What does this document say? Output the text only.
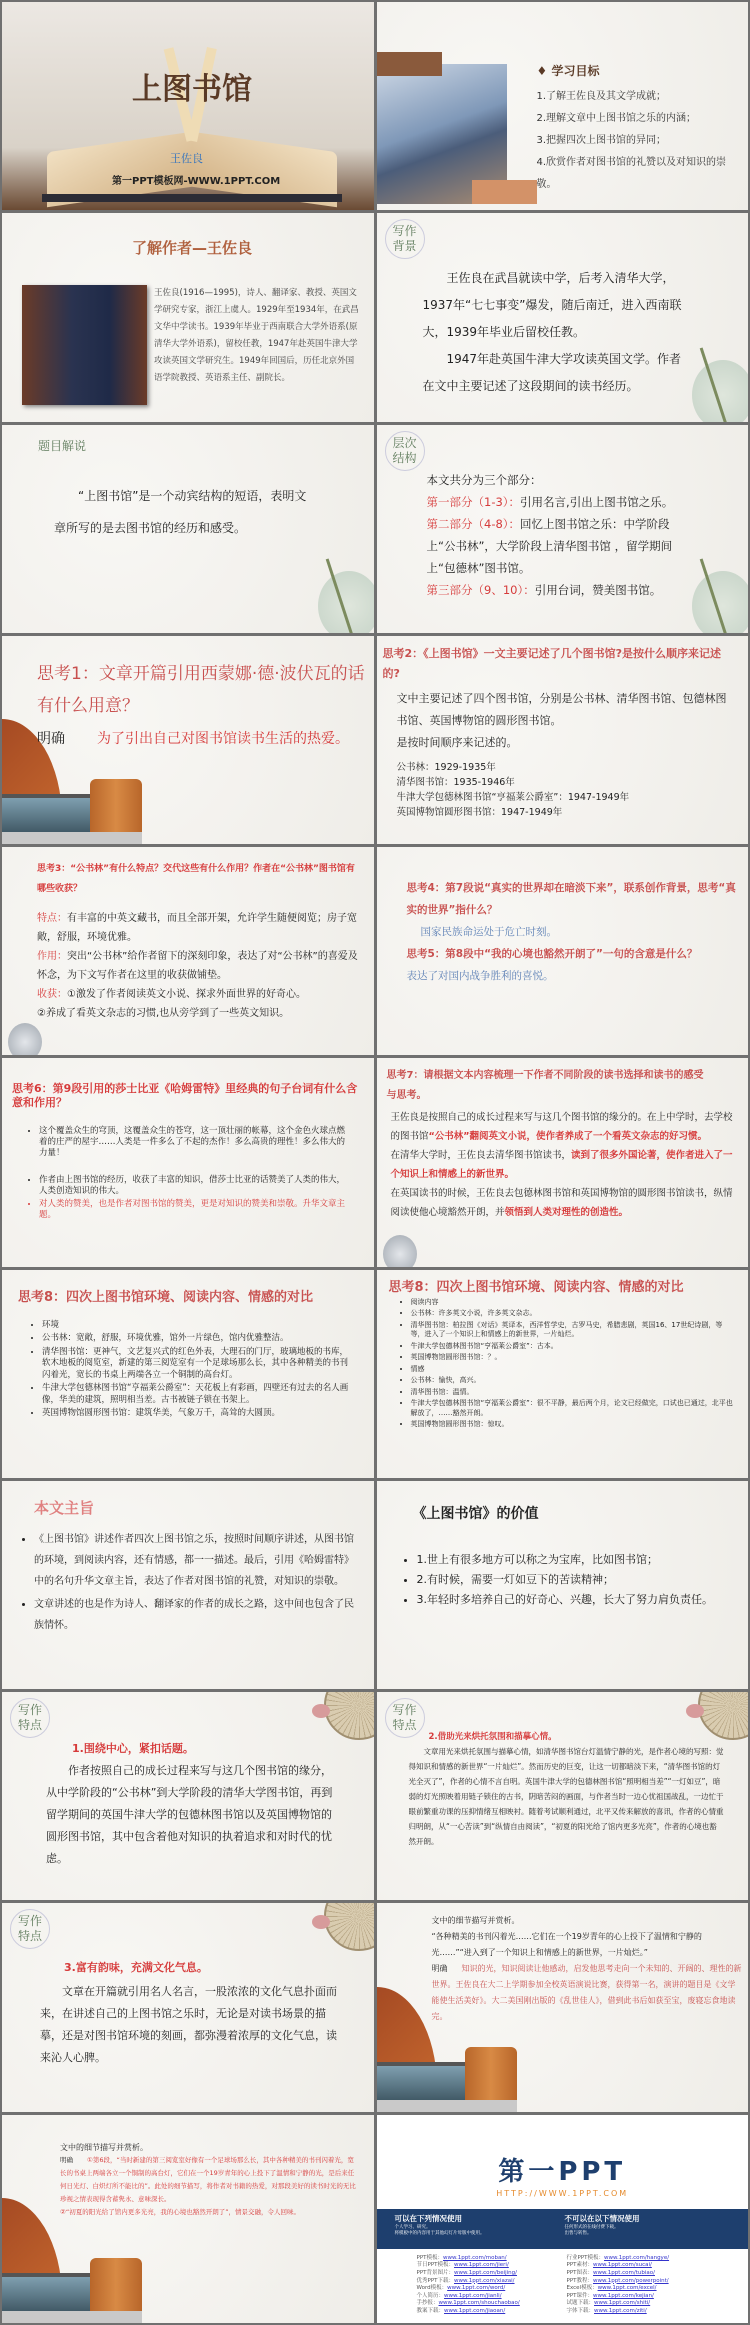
上图书馆
王佐良
第一PPT模板网-WWW.1PPT.COM
♦ 学习目标
1.了解王佐良及其文学成就；
2.理解文章中上图书馆之乐的内涵；
3.把握四次上图书馆的异同；
4.欣赏作者对图书馆的礼赞以及对知识的崇敬。
了解作者—王佐良
王佐良(1916—1995)，诗人、翻译家、教授、英国文学研究专家，浙江上虞人。1929年至1934年，在武昌文华中学读书。1939年毕业于西南联合大学外语系(原清华大学外语系)，留校任教，1947年赴英国牛津大学攻读英国文学研究生。1949年回国后，历任北京外国语学院教授、英语系主任、副院长。
写作
背景
王佐良在武昌就读中学，后考入清华大学，1937年“七七事变”爆发，随后南迁，进入西南联大，1939年毕业后留校任教。
1947年赴英国牛津大学攻读英国文学。作者在文中主要记述了这段期间的读书经历。
题目解说
“上图书馆”是一个动宾结构的短语，表明文章所写的是去图书馆的经历和感受。
层次
结构
本文共分为三个部分：
第一部分（1-3）：引用名言,引出上图书馆之乐。
第二部分（4-8）：回忆上图书馆之乐：中学阶段上“公书林”，大学阶段上清华图书馆 ，留学期间上“包德林”图书馆。
第三部分（9、10）：引用台词，赞美图书馆。
思考1：文章开篇引用西蒙娜·德·波伏瓦的话有什么用意？
明确 为了引出自己对图书馆读书生活的热爱。
思考2：《上图书馆》一文主要记述了几个图书馆?是按什么顺序来记述的?
文中主要记述了四个图书馆，分别是公书林、清华图书馆、包德林图书馆、英国博物馆的圆形图书馆。
是按时间顺序来记述的。
公书林：1929-1935年
清华图书馆：1935-1946年
牛津大学包德林图书馆“亨福莱公爵室”：1947-1949年
英国博物馆圆形图书馆：1947-1949年
思考3：“公书林”有什么特点？交代这些有什么作用？作者在“公书林”图书馆有哪些收获？
特点：有丰富的中英文藏书，而且全部开架，允许学生随便阅览；房子宽敞，舒服，环境优雅。
作用：突出“公书林”给作者留下的深刻印象，表达了对“公书林”的喜爱及怀念，为下文写作者在这里的收获做铺垫。
收获：①激发了作者阅读英文小说、探求外面世界的好奇心。
②养成了看英文杂志的习惯,也从旁学到了一些英文知识。
思考4：第7段说“真实的世界却在暗淡下来”，联系创作背景，思考“真实的世界”指什么？
国家民族命运处于危亡时刻。
思考5：第8段中“我的心境也豁然开朗了”一句的含意是什么？
表达了对国内战争胜利的喜悦。
思考6：第9段引用的莎士比亚《哈姆雷特》里经典的句子台词有什么含意和作用？
• 这个覆盖众生的穹顶，这覆盖众生的苍穹，这一顶壮丽的帐幕，这个金色火球点燃着的庄严的屋宇……人类是一件多么了不起的杰作！多么高贵的理性！多么伟大的力量！
• 作者由上图书馆的经历，收获了丰富的知识，借莎士比亚的话赞美了人类的伟大，人类创造知识的伟大。
• 对人类的赞美，也是作者对图书馆的赞美，更是对知识的赞美和崇敬。升华文章主题。
思考7：请根据文本内容梳理一下作者不同阶段的读书选择和读书的感受与思考。
王佐良是按照自己的成长过程来写与这几个图书馆的缘分的。在上中学时，去学校的图书馆“公书林”翻阅英文小说，使作者养成了一个看英文杂志的好习惯。
在清华大学时，王佐良去清华图书馆读书，读到了很多外国论著，使作者进入了一个知识上和情感上的新世界。
在英国读书的时候，王佐良去包德林图书馆和英国博物馆的圆形图书馆读书，纵情阅读使他心境豁然开朗，并领悟到人类对理性的创造性。
思考8：四次上图书馆环境、阅读内容、情感的对比
• 环境
• 公书林：宽敞，舒服，环境优雅，馆外一片绿色，馆内优雅整洁。
• 清华图书馆：更神气，文艺复兴式的红色外表，大理石的门厅，玻璃地板的书库，软木地板的阅览室，新建的第三阅览室有一个足球场那么长，其中各种精美的书刊闪着光，宽长的书桌上两端各立一个铜制的高台灯。
• 牛津大学包德林图书馆“亨福莱公爵室”：天花板上有彩画，四壁还有过去的名人画像，华美的建筑，照明相当差。古书被链子锁在书架上。
• 英国博物馆圆形图书馆：建筑华美，气象万千，高耸的大圆顶。
思考8：四次上图书馆环境、阅读内容、情感的对比
• 阅读内容
• 公书林：许多英文小说，许多英文杂志。
• 清华图书馆：柏拉图《对话》英译本，西洋哲学史，古罗马史，希腊悲剧，英国16、17世纪诗剧，等等，进入了一个知识上和情感上的新世界，一片灿烂。
• 牛津大学包德林图书馆“亨福莱公爵室”：古本。
• 英国博物馆圆形图书馆：？。
• 情感
• 公书林：愉快，高兴。
• 清华图书馆：温情。
• 牛津大学包德林图书馆“亨福莱公爵室”：很不平静，最后两个月，论文已经做完，口试也已通过，北平也解放了，……豁然开朗。
• 英国博物馆圆形图书馆：惊叹。
本文主旨
• 《上图书馆》讲述作者四次上图书馆之乐，按照时间顺序讲述，从图书馆的环境，到阅读内容，还有情感，都一一描述。最后，引用《哈姆雷特》中的名句升华文章主旨，表达了作者对图书馆的礼赞，对知识的崇敬。
• 文章讲述的也是作为诗人、翻译家的作者的成长之路，这中间也包含了民族情怀。
《上图书馆》的价值
• 1.世上有很多地方可以称之为宝库，比如图书馆；
• 2.有时候，需要一灯如豆下的苦读精神；
• 3.年轻时多培养自己的好奇心、兴趣，长大了努力肩负责任。
写作
特点
1.围绕中心，紧扣话题。
作者按照自己的成长过程来写与这几个图书馆的缘分，从中学阶段的“公书林”到大学阶段的清华大学图书馆，再到留学期间的英国牛津大学的包德林图书馆以及英国博物馆的圆形图书馆，其中包含着他对知识的执着追求和对时代的忧虑。
写作
特点
2.借助光来烘托氛围和描摹心情。
文章用光来烘托氛围与描摹心情，如清华图书馆台灯温情宁静的光，是作者心境的写照：觉得知识和情感的新世界“一片灿烂”。然而历史的巨变，让这一切都暗淡下来，“清华图书馆的灯光全灭了”，作者的心情不言自明。英国牛津大学的包德林图书馆“照明相当差”“一灯如豆”，暗弱的灯光照映着用链子锁住的古书，阴暗苦闷的画面，与作者当时一边心忧祖国战乱，一边忙于眼前繁重功课的压抑情绪互相映衬。随着考试顺利通过，北平又传来解放的喜讯，作者的心情重归明朗，从“一心苦读”到“纵情自由阅读”，“初夏的阳光给了馆内更多光亮”，作者的心境也豁然开朗。
写作
特点
3.富有韵味，充满文化气息。
文章在开篇就引用名人名言，一股浓浓的文化气息扑面而来，在讲述自己的上图书馆之乐时，无论是对读书场景的描摹，还是对图书馆环境的刻画，都弥漫着浓厚的文化气息，读来沁人心脾。
文中的细节描写并赏析。
“各种精美的书刊闪着光……它们在一个19岁青年的心上投下了温情和宁静的光……”“进入到了一个知识上和情感上的新世界，一片灿烂。”
明确 知识的光，知识阅读让他感动，启发他思考走向一个未知的、开阔的、理性的新世界。王佐良在大二上学期参加全校英语演说比赛，获得第一名，演讲的题目是《文学能使生活美好》。大二美国刚出版的《乱世佳人》，借到此书后如获至宝，废寝忘食地读完。
文中的细节描写并赏析。
明确 ①第6段，“当时新建的第三阅览室好像有一个足球场那么长，其中各种精美的书刊闪着光，宽长的书桌上两端各立一个铜制的高台灯，它们在一个19岁青年的心上投下了温情和宁静的光，是后来任何日光灯、白炽灯所不能比的”。此处的细节描写，将作者对书籍的热爱，对那段美好的读书时光的无比珍视之情表现得含蓄隽永、意味深长。
②“初夏的阳光给了馆内更多光亮，我的心境也豁然开朗了”，情景交融，令人回味。
第一PPT
HTTP://WWW.1PPT.COM
可以在下列情况使用
个人学习、研究。
将模板中的内容用于其他幻灯片母版中使用。
不可以在以下情况使用
任何形式的在线付费下载。
出售与转售。
PPT模板：www.1ppt.com/moban/	行业PPT模板：www.1ppt.com/hangye/
节日PPT模板：www.1ppt.com/jieri/	PPT素材：www.1ppt.com/sucai/
PPT背景图片：www.1ppt.com/beijing/	PPT图表：www.1ppt.com/tubiao/
优秀PPT下载：www.1ppt.com/xiazai/	PPT教程：www.1ppt.com/powerpoint/
Word模板：www.1ppt.com/word/	Excel模板：www.1ppt.com/excel/
个人简历：www.1ppt.com/jianli/	PPT课件：www.1ppt.com/kejian/
手抄报：www.1ppt.com/shouchaobao/	试题下载：www.1ppt.com/shiti/
教案下载：www.1ppt.com/jiaoan/	字体下载：www.1ppt.com/ziti/
